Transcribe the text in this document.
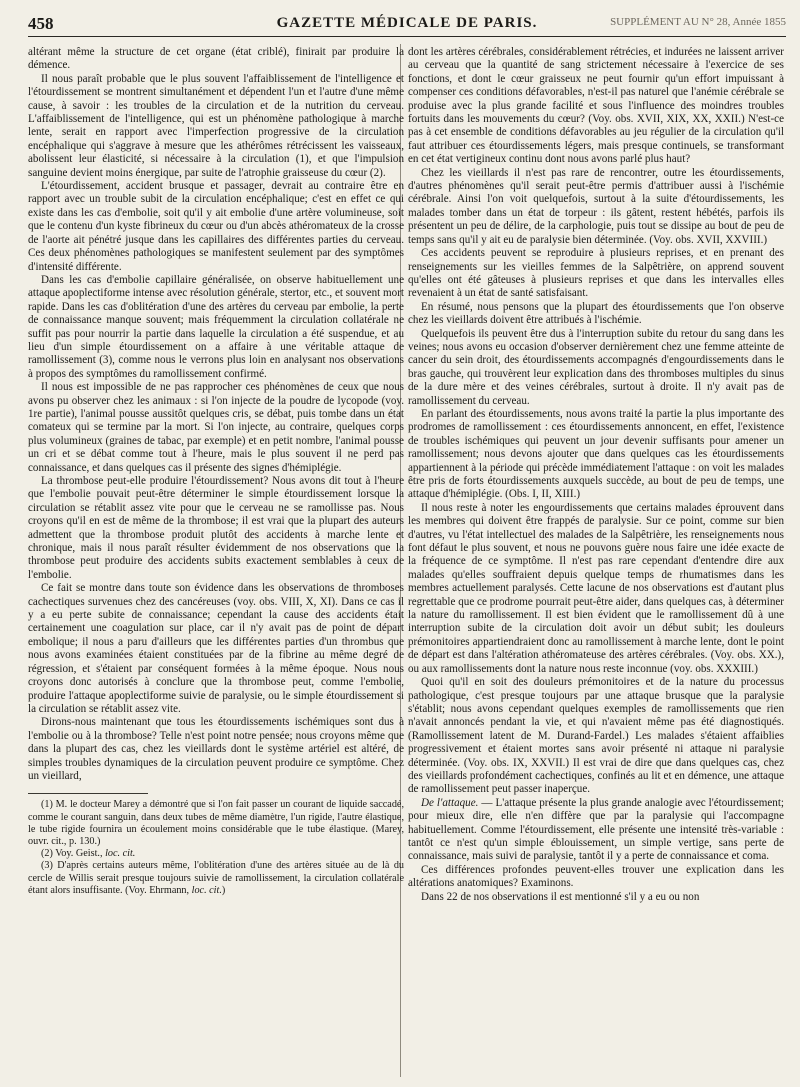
458	GAZETTE MÉDICALE DE PARIS.	SUPPLÉMENT AU N° 28, Année 1855

altérant même la structure de cet organe (état criblé), finirait par produire la démence.

Il nous paraît probable que le plus souvent l'affaiblissement de l'intelligence et l'étourdissement se montrent simultanément et dépendent l'un et l'autre d'une même cause, à savoir : les troubles de la circulation et de la nutrition du cerveau. L'affaiblissement de l'intelligence, qui est un phénomène pathologique à marche lente, serait en rapport avec l'imperfection progressive de la circulation encéphalique qui s'aggrave à mesure que les athérômes rétrécissent les vaisseaux, abolissent leur élasticité, si nécessaire à la circulation (1), et que l'impulsion sanguine devient moins énergique, par suite de l'atrophie graisseuse du cœur (2).

L'étourdissement, accident brusque et passager, devrait au contraire être en rapport avec un trouble subit de la circulation encéphalique; c'est en effet ce qui existe dans les cas d'embolie, soit qu'il y ait embolie d'une artère volumineuse, soit que le contenu d'un kyste fibrineux du cœur ou d'un abcès athéromateux de la crosse de l'aorte ait pénétré jusque dans les capillaires des différentes parties du cerveau. Ces deux phénomènes pathologiques se manifestent seulement par des symptômes d'intensité différente.

Dans les cas d'embolie capillaire généralisée, on observe habituellement une attaque apoplectiforme intense avec résolution générale, stertor, etc., et souvent mort rapide. Dans les cas d'oblitération d'une des artères du cerveau par embolie, la perte de connaissance manque souvent; mais fréquemment la circulation collatérale ne suffit pas pour nourrir la partie dans laquelle la circulation a été suspendue, et au lieu d'un simple étourdissement on a affaire à une véritable attaque de ramollissement (3), comme nous le verrons plus loin en analysant nos observations à propos des symptômes du ramollissement confirmé.

Il nous est impossible de ne pas rapprocher ces phénomènes de ceux que nous avons pu observer chez les animaux : si l'on injecte de la poudre de lycopode (voy. 1re partie), l'animal pousse aussitôt quelques cris, se débat, puis tombe dans un état comateux qui se termine par la mort. Si l'on injecte, au contraire, quelques corps plus volumineux (graines de tabac, par exemple) et en petit nombre, l'animal pousse un cri et se débat comme tout à l'heure, mais le plus souvent il ne perd pas connaissance, et dans quelques cas il présente des signes d'hémiplégie.

La thrombose peut-elle produire l'étourdissement? Nous avons dit tout à l'heure que l'embolie pouvait peut-être déterminer le simple étourdissement lorsque la circulation se rétablit assez vite pour que le cerveau ne se ramollisse pas. Nous croyons qu'il en est de même de la thrombose; il est vrai que la plupart des auteurs admettent que la thrombose produit plutôt des accidents à marche lente et chronique, mais il nous paraît résulter évidemment de nos observations que la thrombose peut produire des accidents subits exactement semblables à ceux de l'embolie.

Ce fait se montre dans toute son évidence dans les observations de thromboses cachectiques survenues chez des cancéreuses (voy. obs. VIII, X, XI). Dans ce cas il y a eu perte subite de connaissance; cependant la cause des accidents était certainement une coagulation sur place, car il n'y avait pas de point de départ embolique; il nous a paru d'ailleurs que les différentes parties d'un thrombus que nous avons examinées étaient constituées par de la fibrine au même degré de régression, et s'étaient par conséquent formées à la même époque. Nous nous croyons donc autorisés à conclure que la thrombose peut, comme l'embolie, produire l'attaque apoplectiforme suivie de paralysie, ou le simple étourdissement si la circulation se rétablit assez vite.

Dirons-nous maintenant que tous les étourdissements ischémiques sont dus à l'embolie ou à la thrombose? Telle n'est point notre pensée; nous croyons même que dans la plupart des cas, chez les vieillards dont le système artériel est altéré, de simples troubles dynamiques de la circulation peuvent produire ce symptôme. Chez un vieillard,

(1) M. le docteur Marey a démontré que si l'on fait passer un courant de liquide saccadé, comme le courant sanguin, dans deux tubes de même diamètre, l'un rigide, l'autre élastique, le tube rigide fournira un écoulement moins considérable que le tube élastique. (Marey, ouvr. cit., p. 130.)

(2) Voy. Geist., loc. cit.

(3) D'après certains auteurs même, l'oblitération d'une des artères située au de là du cercle de Willis serait presque toujours suivie de ramollissement, la circulation collatérale étant alors insuffisante. (Voy. Ehrmann, loc. cit.)

dont les artères cérébrales, considérablement rétrécies, et indurées ne laissent arriver au cerveau que la quantité de sang strictement nécessaire à l'exercice de ses fonctions, et dont le cœur graisseux ne peut fournir qu'un effort impuissant à compenser ces conditions défavorables, n'est-il pas naturel que l'anémie cérébrale se produise avec la plus grande facilité et sous l'influence des moindres troubles fortuits dans les mouvements du cœur? (Voy. obs. XVII, XIX, XX, XXII.) N'est-ce pas à cet ensemble de conditions défavorables au jeu régulier de la circulation qu'il faut attribuer ces étourdissements légers, mais presque continuels, se transformant en cet état vertigineux continu dont nous avons parlé plus haut?

Chez les vieillards il n'est pas rare de rencontrer, outre les étourdissements, d'autres phénomènes qu'il serait peut-être permis d'attribuer aussi à l'ischémie cérébrale. Ainsi l'on voit quelquefois, surtout à la suite d'étourdissements, les malades tomber dans un état de torpeur : ils gâtent, restent hébétés, parfois ils présentent un peu de délire, de la carphologie, puis tout se dissipe au bout de peu de temps sans qu'il y ait eu de paralysie bien déterminée. (Voy. obs. XVII, XXVIII.)

Ces accidents peuvent se reproduire à plusieurs reprises, et en prenant des renseignements sur les vieilles femmes de la Salpêtrière, on apprend souvent qu'elles ont été gâteuses à plusieurs reprises et que dans les intervalles elles revenaient à un état de santé satisfaisant.

En résumé, nous pensons que la plupart des étourdissements que l'on observe chez les vieillards doivent être attribués à l'ischémie.

Quelquefois ils peuvent être dus à l'interruption subite du retour du sang dans les veines; nous avons eu occasion d'observer dernièrement chez une femme atteinte de cancer du sein droit, des étourdissements accompagnés d'engourdissements dans le bras gauche, qui trouvèrent leur explication dans des thromboses multiples du sinus de la dure mère et des veines cérébrales, surtout à droite. Il n'y avait pas de ramollissement du cerveau.

En parlant des étourdissements, nous avons traité la partie la plus importante des prodromes de ramollissement : ces étourdissements annoncent, en effet, l'existence de troubles ischémiques qui peuvent un jour devenir suffisants pour amener un ramollissement; nous devons ajouter que dans quelques cas les étourdissements appartiennent à la période qui précède immédiatement l'attaque : on voit les malades être pris de forts étourdissements auxquels succède, au bout de peu de temps, une attaque d'hémiplégie. (Obs. I, II, XIII.)

Il nous reste à noter les engourdissements que certains malades éprouvent dans les membres qui doivent être frappés de paralysie. Sur ce point, comme sur bien d'autres, vu l'état intellectuel des malades de la Salpêtrière, les renseignements nous font défaut le plus souvent, et nous ne pouvons guère nous faire une idée exacte de la fréquence de ce symptôme. Il n'est pas rare cependant d'entendre dire aux malades qu'elles souffraient depuis quelque temps de rhumatismes dans les membres actuellement paralysés. Cette lacune de nos observations est d'autant plus regrettable que ce prodrome pourrait peut-être aider, dans quelques cas, à déterminer la nature du ramollissement. Il est bien évident que le ramollissement dû à une interruption subite de la circulation doit avoir un début subit; les douleurs prémonitoires appartiendraient donc au ramollissement à marche lente, dont le point de départ est dans l'altération athéromateuse des artères cérébrales. (Voy. obs. XX.), ou aux ramollissements dont la nature nous reste inconnue (voy. obs. XXXIII.)

Quoi qu'il en soit des douleurs prémonitoires et de la nature du processus pathologique, c'est presque toujours par une attaque brusque que la paralysie s'établit; nous avons cependant quelques exemples de ramollissements que rien n'avait annoncés pendant la vie, et qui n'avaient même pas été diagnostiqués. (Ramollissement latent de M. Durand-Fardel.) Les malades s'étaient affaiblies progressivement et étaient mortes sans avoir présenté ni attaque ni paralysie déterminée. (Voy. obs. IX, XXVII.) Il est vrai de dire que dans quelques cas, chez des vieillards profondément cachectiques, confinés au lit et en démence, une attaque de ramollissement peut passer inaperçue.

De l'attaque. — L'attaque présente la plus grande analogie avec l'étourdissement; pour mieux dire, elle n'en diffère que par la paralysie qui l'accompagne habituellement. Comme l'étourdissement, elle présente une intensité très-variable : tantôt ce n'est qu'un simple éblouissement, un simple vertige, sans perte de connaissance, mais suivi de paralysie, tantôt il y a perte de connaissance et coma.

Ces différences profondes peuvent-elles trouver une explication dans les altérations anatomiques? Examinons.

Dans 22 de nos observations il est mentionné s'il y a eu ou non
